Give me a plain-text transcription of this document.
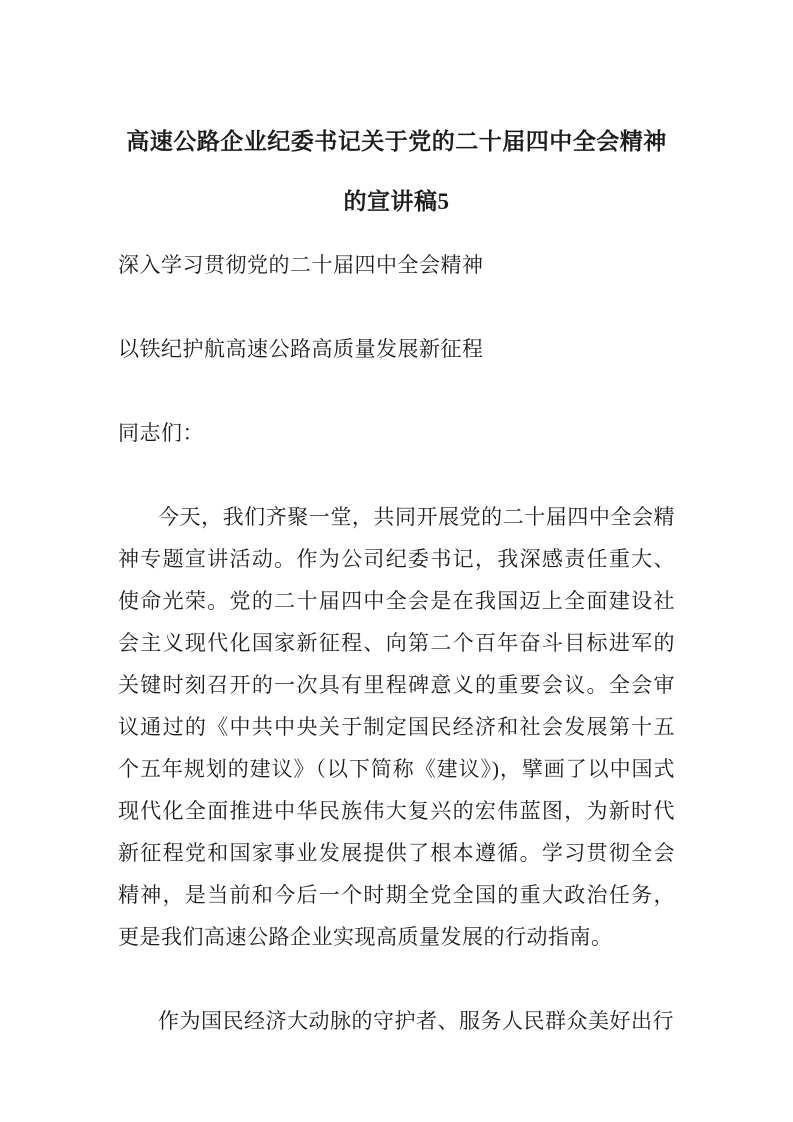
高速公路企业纪委书记关于党的二十届四中全会精神的宣讲稿5

深入学习贯彻党的二十届四中全会精神

以铁纪护航高速公路高质量发展新征程

同志们：

今天，我们齐聚一堂，共同开展党的二十届四中全会精神专题宣讲活动。作为公司纪委书记，我深感责任重大、使命光荣。党的二十届四中全会是在我国迈上全面建设社会主义现代化国家新征程、向第二个百年奋斗目标进军的关键时刻召开的一次具有里程碑意义的重要会议。全会审议通过的《中共中央关于制定国民经济和社会发展第十五个五年规划的建议》（以下简称《建议》)，擘画了以中国式现代化全面推进中华民族伟大复兴的宏伟蓝图，为新时代新征程党和国家事业发展提供了根本遵循。学习贯彻全会精神，是当前和今后一个时期全党全国的重大政治任务，更是我们高速公路企业实现高质量发展的行动指南。

作为国民经济大动脉的守护者、服务人民群众美好出行
